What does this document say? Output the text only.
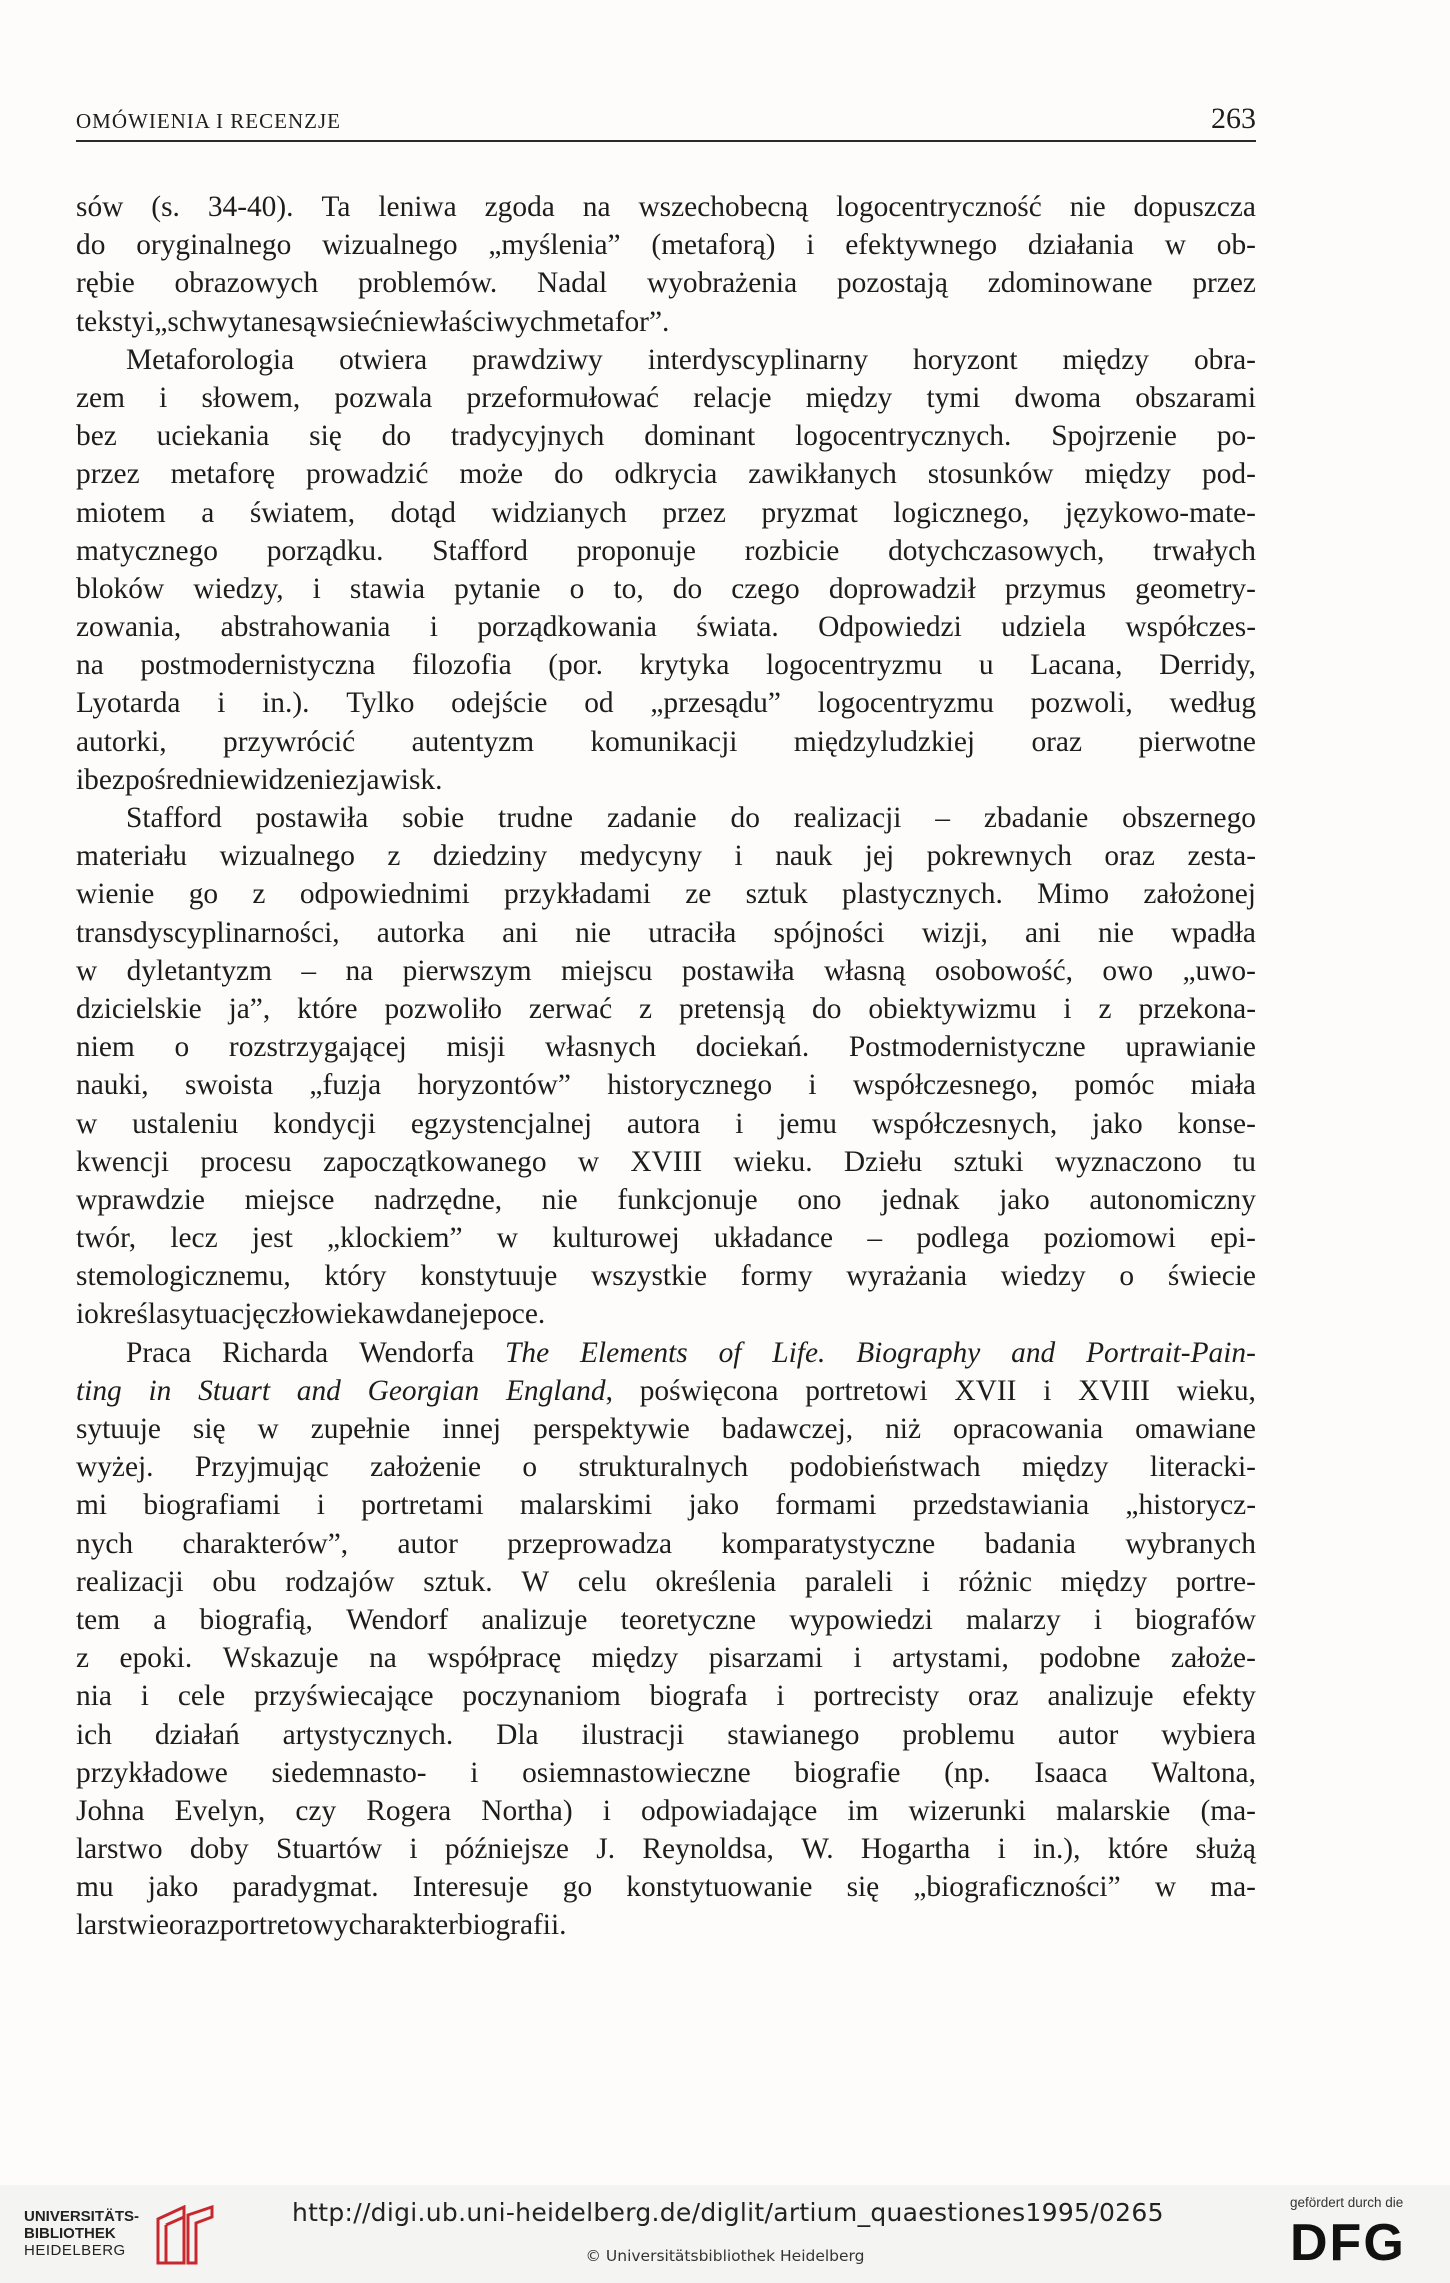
OMÓWIENIA I RECENZJE	263
sów (s. 34-40). Ta leniwa zgoda na wszechobecną logocentryczność nie dopuszcza
do oryginalnego wizualnego „myślenia” (metaforą) i efektywnego działania w ob-
rębie obrazowych problemów. Nadal wyobrażenia pozostają zdominowane przez
teksty i „schwytane są w sieć niewłaściwych metafor”.
Metaforologia otwiera prawdziwy interdyscyplinarny horyzont między obra-
zem i słowem, pozwala przeformułować relacje między tymi dwoma obszarami
bez uciekania się do tradycyjnych dominant logocentrycznych. Spojrzenie po-
przez metaforę prowadzić może do odkrycia zawikłanych stosunków między pod-
miotem a światem, dotąd widzianych przez pryzmat logicznego, językowo-mate-
matycznego porządku. Stafford proponuje rozbicie dotychczasowych, trwałych
bloków wiedzy, i stawia pytanie o to, do czego doprowadził przymus geometry-
zowania, abstrahowania i porządkowania świata. Odpowiedzi udziela współczes-
na postmodernistyczna filozofia (por. krytyka logocentryzmu u Lacana, Derridy,
Lyotarda i in.). Tylko odejście od „przesądu” logocentryzmu pozwoli, według
autorki, przywrócić autentyzm komunikacji międzyludzkiej oraz pierwotne
i bezpośrednie widzenie zjawisk.
Stafford postawiła sobie trudne zadanie do realizacji – zbadanie obszernego
materiału wizualnego z dziedziny medycyny i nauk jej pokrewnych oraz zesta-
wienie go z odpowiednimi przykładami ze sztuk plastycznych. Mimo założonej
transdyscyplinarności, autorka ani nie utraciła spójności wizji, ani nie wpadła
w dyletantyzm – na pierwszym miejscu postawiła własną osobowość, owo „uwo-
dzicielskie ja”, które pozwoliło zerwać z pretensją do obiektywizmu i z przekona-
niem o rozstrzygającej misji własnych dociekań. Postmodernistyczne uprawianie
nauki, swoista „fuzja horyzontów” historycznego i współczesnego, pomóc miała
w ustaleniu kondycji egzystencjalnej autora i jemu współczesnych, jako konse-
kwencji procesu zapoczątkowanego w XVIII wieku. Dziełu sztuki wyznaczono tu
wprawdzie miejsce nadrzędne, nie funkcjonuje ono jednak jako autonomiczny
twór, lecz jest „klockiem” w kulturowej układance – podlega poziomowi epi-
stemologicznemu, który konstytuuje wszystkie formy wyrażania wiedzy o świecie
i określa sytuację człowieka w danej epoce.
Praca Richarda Wendorfa The Elements of Life. Biography and Portrait-Pain-
ting in Stuart and Georgian England, poświęcona portretowi XVII i XVIII wieku,
sytuuje się w zupełnie innej perspektywie badawczej, niż opracowania omawiane
wyżej. Przyjmując założenie o strukturalnych podobieństwach między literacki-
mi biografiami i portretami malarskimi jako formami przedstawiania „historycz-
nych charakterów”, autor przeprowadza komparatystyczne badania wybranych
realizacji obu rodzajów sztuk. W celu określenia paraleli i różnic między portre-
tem a biografią, Wendorf analizuje teoretyczne wypowiedzi malarzy i biografów
z epoki. Wskazuje na współpracę między pisarzami i artystami, podobne założe-
nia i cele przyświecające poczynaniom biografa i portrecisty oraz analizuje efekty
ich działań artystycznych. Dla ilustracji stawianego problemu autor wybiera
przykładowe siedemnasto- i osiemnastowieczne biografie (np. Isaaca Waltona,
Johna Evelyn, czy Rogera Northa) i odpowiadające im wizerunki malarskie (ma-
larstwo doby Stuartów i późniejsze J. Reynoldsa, W. Hogartha i in.), które służą
mu jako paradygmat. Interesuje go konstytuowanie się „biograficzności” w ma-
larstwie oraz portretowy charakter biografii.
UNIVERSITÄTS-
BIBLIOTHEK
HEIDELBERG
http://digi.ub.uni-heidelberg.de/diglit/artium_quaestiones1995/0265
© Universitätsbibliothek Heidelberg
gefördert durch die
DFG
